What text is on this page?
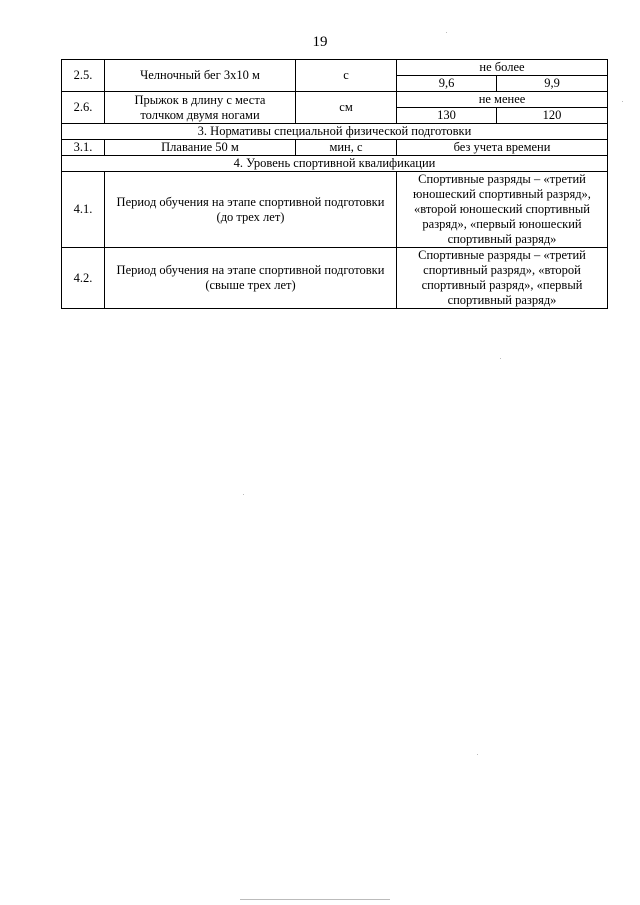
19
2.5.	Челночный бег 3х10 м	с	не более	
			9,6	9,9
2.6.	Прыжок в длину с места
толчком двумя ногами	см	не менее	
			130	120
3. Нормативы специальной физической подготовки				
3.1.	Плавание 50 м	мин, с	без учета времени	
4. Уровень спортивной квалификации				
4.1.	Период обучения на этапе спортивной подготовки (до трех лет)		Спортивные разряды – «третий юношеский спортивный разряд», «второй юношеский спортивный разряд», «первый юношеский спортивный разряд»	
4.2.	Период обучения на этапе спортивной подготовки (свыше трех лет)		Спортивные разряды – «третий спортивный разряд», «второй спортивный разряд», «первый спортивный разряд»	
